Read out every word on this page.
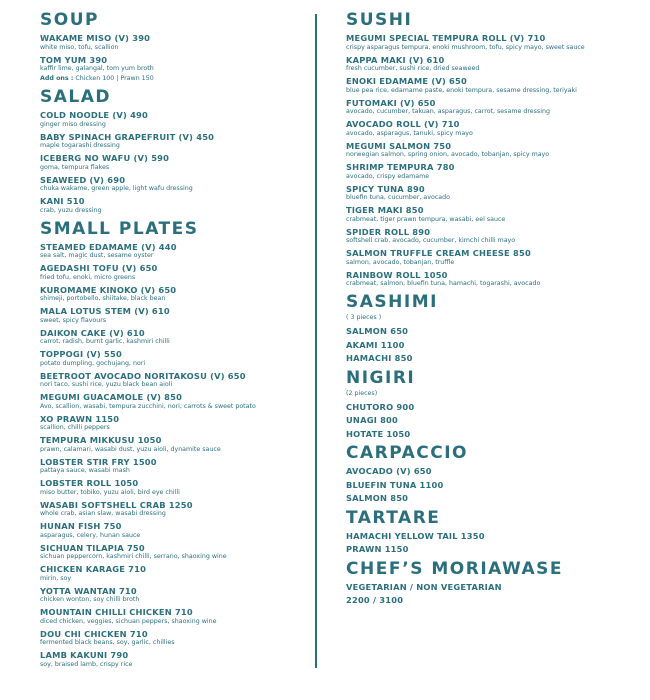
SOUP
WAKAME MISO (V) 390
white miso, tofu, scallion
TOM YUM 390
kaffir lime, galangal, tom yum broth
Add ons : Chicken 100 | Prawn 150
SALAD
COLD NOODLE (V) 490
ginger miso dressing
BABY SPINACH GRAPEFRUIT (V) 450
maple togarashi dressing
ICEBERG NO WAFU (V) 590
goma, tempura flakes
SEAWEED (V) 690
chuka wakame, green apple, light wafu dressing
KANI 510
crab, yuzu dressing
SMALL PLATES
STEAMED EDAMAME (V) 440
sea salt, magic dust, sesame oyster
AGEDASHI TOFU (V) 650
fried tofu, enoki, micro greens
KUROMAME KINOKO (V) 650
shimeji, portobello, shiitake, black bean
MALA LOTUS STEM (V) 610
sweet, spicy flavours
DAIKON CAKE (V) 610
carrot, radish, burnt garlic, kashmiri chilli
TOPPOGI (V) 550
potato dumpling, gochujang, nori
BEETROOT AVOCADO NORITAKOSU (V) 650
nori taco, sushi rice, yuzu black bean aioli
MEGUMI GUACAMOLE (V) 850
Avo, scallion, wasabi, tempura zucchini, nori, carrots & sweet potato
XO PRAWN 1150
scallion, chilli peppers
TEMPURA MIKKUSU 1050
prawn, calamari, wasabi dust, yuzu aioli, dynamite sauce
LOBSTER STIR FRY 1500
pattaya sauce, wasabi mash
LOBSTER ROLL 1050
miso butter, tobiko, yuzu aioli, bird eye chilli
WASABI SOFTSHELL CRAB 1250
whole crab, asian slaw, wasabi dressing
HUNAN FISH 750
asparagus, celery, hunan sauce
SICHUAN TILAPIA 750
sichuan peppercorn, kashmiri chilli, serrano, shaoxing wine
CHICKEN KARAGE 710
mirin, soy
YOTTA WANTAN 710
chicken wonton, soy chilli broth
MOUNTAIN CHILLI CHICKEN 710
diced chicken, veggies, sichuan peppers, shaoxing wine
DOU CHI CHICKEN 710
fermented black beans, soy, garlic, chillies
LAMB KAKUNI 790
soy, braised lamb, crispy rice
SUSHI
MEGUMI SPECIAL TEMPURA ROLL (V) 710
crispy asparagus tempura, enoki mushroom, tofu, spicy mayo, sweet sauce
KAPPA MAKI (V) 610
fresh cucumber, sushi rice, dried seaweed
ENOKI EDAMAME (V) 650
blue pea rice, edamame paste, enoki tempura, sesame dressing, teriyaki
FUTOMAKI (V) 650
avocado, cucumber, takuan, asparagus, carrot, sesame dressing
AVOCADO ROLL (V) 710
avocado, asparagus, tanuki, spicy mayo
MEGUMI SALMON 750
norwegian salmon, spring onion, avocado, tobanjan, spicy mayo
SHRIMP TEMPURA 780
avocado, crispy edamame
SPICY TUNA 890
bluefin tuna, cucumber, avocado
TIGER MAKI 850
crabmeat, tiger prawn tempura, wasabi, eel sauce
SPIDER ROLL 890
softshell crab, avocado, cucumber, kimchi chilli mayo
SALMON TRUFFLE CREAM CHEESE 850
salmon, avocado, tobanjan, truffle
RAINBOW ROLL 1050
crabmeat, salmon, bluefin tuna, hamachi, togarashi, avocado
SASHIMI
( 3 pieces )
SALMON 650
AKAMI 1100
HAMACHI 850
NIGIRI
(2 pieces)
CHUTORO 900
UNAGI 800
HOTATE 1050
CARPACCIO
AVOCADO (V) 650
BLUEFIN TUNA 1100
SALMON 850
TARTARE
HAMACHI YELLOW TAIL 1350
PRAWN 1150
CHEF’S MORIAWASE
VEGETARIAN / NON VEGETARIAN
2200 / 3100
